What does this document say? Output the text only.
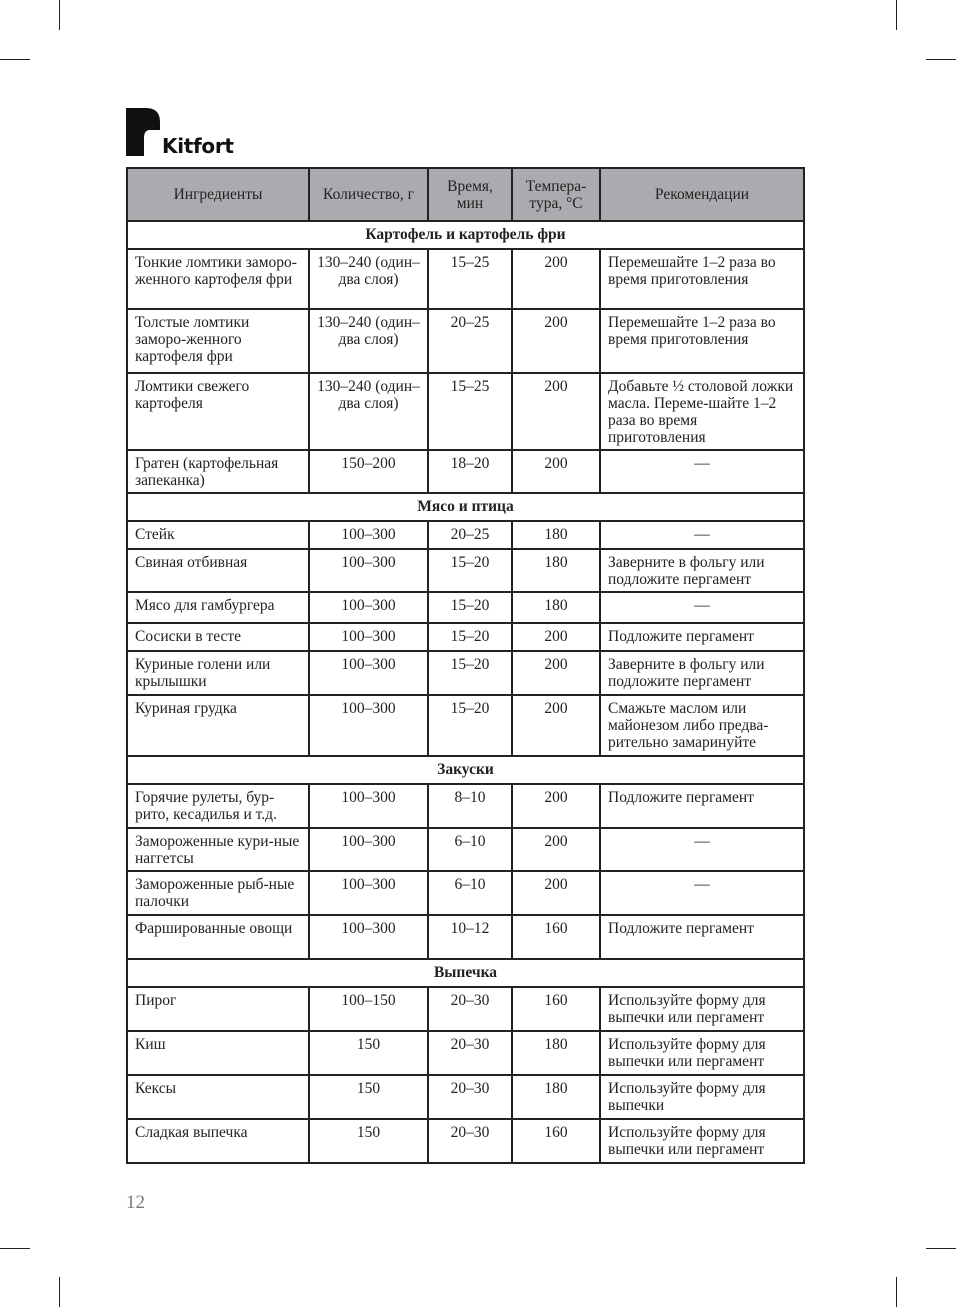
Kitfort
Ингредиенты	Количество, г	Время, мин	Темпера-тура, °C	Рекомендации
Картофель и картофель фри				
Тонкие ломтики заморо-женного картофеля фри	130–240 (один–два слоя)	15–25	200	Перемешайте 1–2 раза во время приготовления
Толстые ломтики заморо-женного картофеля фри	130–240 (один–два слоя)	20–25	200	Перемешайте 1–2 раза во время приготовления
Ломтики свежего картофеля	130–240 (один–два слоя)	15–25	200	Добавьте ½ столовой ложки масла. Переме-шайте 1–2 раза во время приготовления
Гратен (картофельная запеканка)	150–200	18–20	200	—
Мясо и птица				
Стейк	100–300	20–25	180	—
Свиная отбивная	100–300	15–20	180	Заверните в фольгу или подложите пергамент
Мясо для гамбургера	100–300	15–20	180	—
Сосиски в тесте	100–300	15–20	200	Подложите пергамент
Куриные голени или крылышки	100–300	15–20	200	Заверните в фольгу или подложите пергамент
Куриная грудка	100–300	15–20	200	Смажьте маслом или майонезом либо предва-рительно замаринуйте
Закуски				
Горячие рулеты, бур-рито, кесадилья и т.д.	100–300	8–10	200	Подложите пергамент
Замороженные кури-ные наггетсы	100–300	6–10	200	—
Замороженные рыб-ные палочки	100–300	6–10	200	—
Фаршированные овощи	100–300	10–12	160	Подложите пергамент
Выпечка				
Пирог	100–150	20–30	160	Используйте форму для выпечки или пергамент
Киш	150	20–30	180	Используйте форму для выпечки или пергамент
Кексы	150	20–30	180	Используйте форму для выпечки
Сладкая выпечка	150	20–30	160	Используйте форму для выпечки или пергамент
12
